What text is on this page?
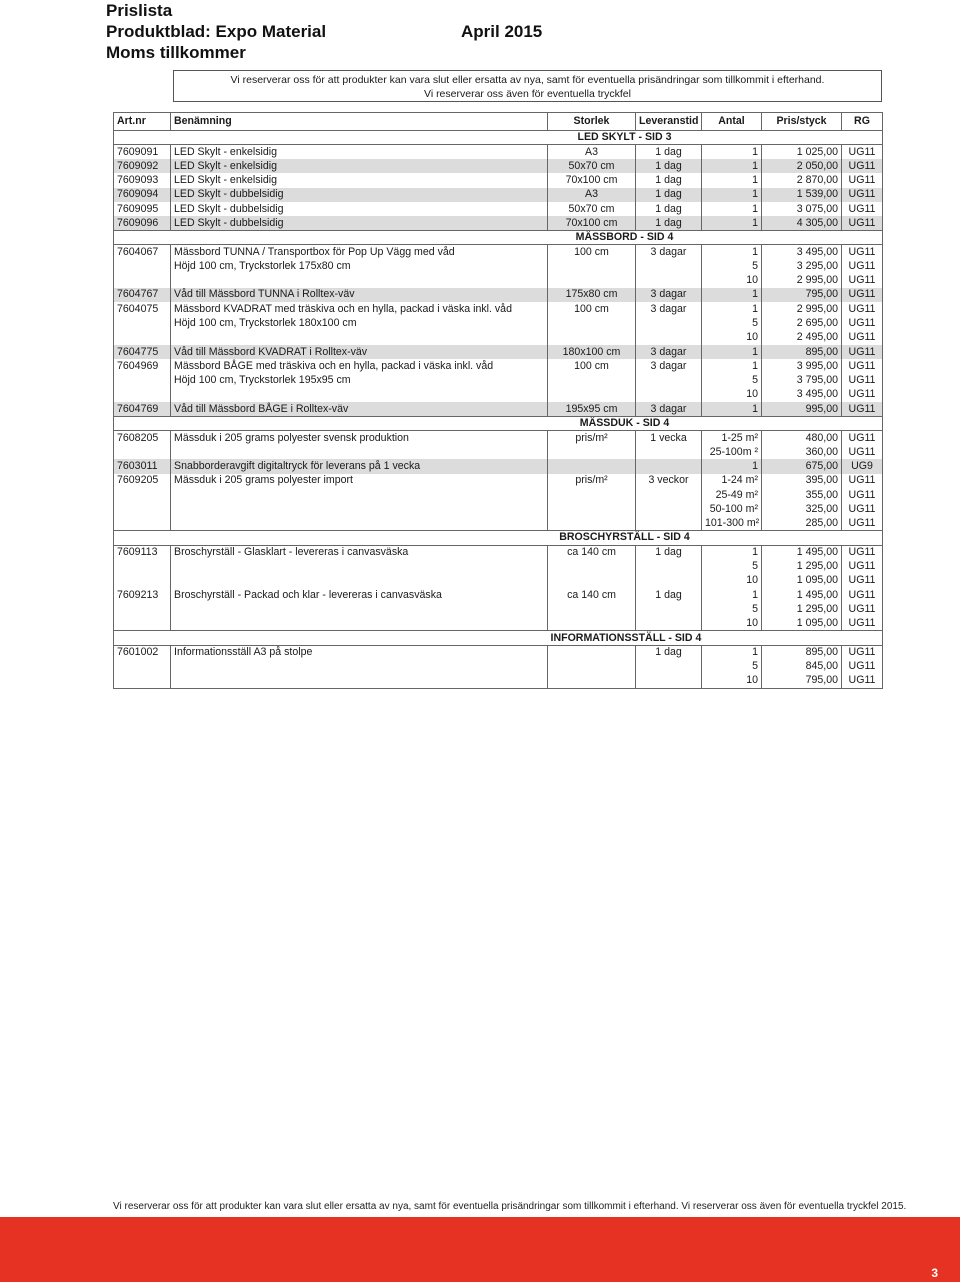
Prislista
Produktblad: Expo Material	April 2015
Moms tillkommer
Vi reserverar oss för att produkter kan vara slut eller ersatta av nya, samt för eventuella prisändringar som tillkommit i efterhand.
Vi reserverar oss även för eventuella tryckfel
Art.nr	Benämning	Storlek	Leveranstid	Antal	Pris/styck	RG
		LED SKYLT - SID 3				
7609091	LED Skylt - enkelsidig	A3	1 dag	1	1 025,00	UG11
7609092	LED Skylt - enkelsidig	50x70 cm	1 dag	1	2 050,00	UG11
7609093	LED Skylt - enkelsidig	70x100 cm	1 dag	1	2 870,00	UG11
7609094	LED Skylt - dubbelsidig	A3	1 dag	1	1 539,00	UG11
7609095	LED Skylt - dubbelsidig	50x70 cm	1 dag	1	3 075,00	UG11
7609096	LED Skylt - dubbelsidig	70x100 cm	1 dag	1	4 305,00	UG11
		MÄSSBORD - SID 4				
7604067	Mässbord TUNNA / Transportbox för Pop Up Vägg med våd	100 cm	3 dagar	1	3 495,00	UG11
	Höjd 100 cm, Tryckstorlek 175x80 cm			5	3 295,00	UG11
				10	2 995,00	UG11
7604767	Våd till Mässbord TUNNA i Rolltex-väv	175x80 cm	3 dagar	1	795,00	UG11
7604075	Mässbord KVADRAT med träskiva och en hylla, packad i väska inkl. våd	100 cm	3 dagar	1	2 995,00	UG11
	Höjd 100 cm, Tryckstorlek 180x100 cm			5	2 695,00	UG11
				10	2 495,00	UG11
7604775	Våd till Mässbord KVADRAT i Rolltex-väv	180x100 cm	3 dagar	1	895,00	UG11
7604969	Mässbord BÅGE med träskiva och en hylla, packad i väska inkl. våd	100 cm	3 dagar	1	3 995,00	UG11
	Höjd 100 cm, Tryckstorlek 195x95 cm			5	3 795,00	UG11
				10	3 495,00	UG11
7604769	Våd till Mässbord BÅGE i Rolltex-väv	195x95 cm	3 dagar	1	995,00	UG11
		MÄSSDUK - SID 4				
7608205	Mässduk i 205 grams polyester svensk produktion	pris/m²	1 vecka	1-25 m²	480,00	UG11
				25-100m ²	360,00	UG11
7603011	Snabborderavgift digitaltryck för leverans på 1 vecka			1	675,00	UG9
7609205	Mässduk i 205 grams polyester import	pris/m²	3 veckor	1-24 m²	395,00	UG11
				25-49 m²	355,00	UG11
				50-100 m²	325,00	UG11
				101-300 m²	285,00	UG11
		BROSCHYRSTÄLL - SID 4				
7609113	Broschyrställ - Glasklart - levereras i canvasväska	ca 140 cm	1 dag	1	1 495,00	UG11
				5	1 295,00	UG11
				10	1 095,00	UG11
7609213	Broschyrställ - Packad och klar - levereras i canvasväska	ca 140 cm	1 dag	1	1 495,00	UG11
				5	1 295,00	UG11
				10	1 095,00	UG11
		INFORMATIONSSTÄLL - SID 4				
7601002	Informationsställ A3 på stolpe		1 dag	1	895,00	UG11
				5	845,00	UG11
				10	795,00	UG11
Vi reserverar oss för att produkter kan vara slut eller ersatta av nya, samt för eventuella prisändringar som tillkommit i efterhand. Vi reserverar oss även för eventuella tryckfel 2015.
3
